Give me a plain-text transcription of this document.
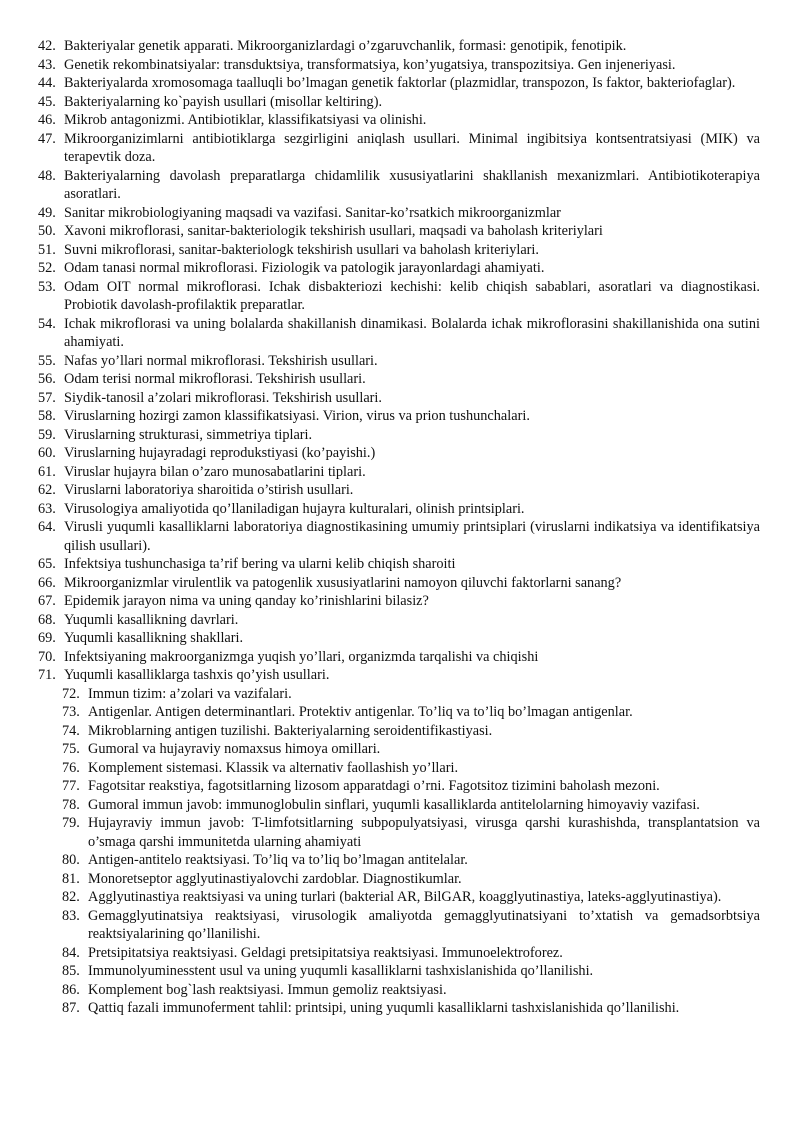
42. Bakteriyalar genetik apparati. Mikroorganizlardagi o’zgaruvchanlik, formasi: genotipik, fenotipik.
43. Genetik rekombinatsiyalar: transduktsiya, transformatsiya, kon’yugatsiya, transpozitsiya. Gen injeneriyasi.
44. Bakteriyalarda xromosomaga taalluqli bo’lmagan genetik faktorlar (plazmidlar, transpozon, Is faktor, bakteriofaglar).
45. Bakteriyalarning ko`payish usullari (misollar keltiring).
46. Mikrob antagonizmi. Antibiotiklar, klassifikatsiyasi va olinishi.
47. Mikroorganizimlarni antibiotiklarga sezgirligini aniqlash usullari. Minimal ingibitsiya kontsentratsiyasi (MIK) va terapevtik doza.
48. Bakteriyalarning davolash preparatlarga chidamlilik xususiyatlarini shakllanish mexanizmlari. Antibiotikoterapiya asoratlari.
49. Sanitar mikrobiologiyaning maqsadi va vazifasi. Sanitar-ko’rsatkich mikroorganizmlar
50. Xavoni mikroflorasi, sanitar-bakteriologik tekshirish usullari, maqsadi va baholash kriteriylari
51. Suvni mikroflorasi, sanitar-bakteriologk tekshirish usullari va baholash kriteriylari.
52. Odam tanasi normal mikroflorasi. Fiziologik va patologik jarayonlardagi ahamiyati.
53. Odam OIT normal mikroflorasi. Ichak disbakteriozi kechishi: kelib chiqish sabablari, asoratlari va diagnostikasi. Probiotik davolash-profilaktik preparatlar.
54. Ichak mikroflorasi va uning bolalarda shakillanish dinamikasi. Bolalarda ichak mikroflorasini shakillanishida ona sutini ahamiyati.
55. Nafas yo’llari normal mikroflorasi. Tekshirish usullari.
56. Odam terisi normal mikroflorasi. Tekshirish usullari.
57. Siydik-tanosil a’zolari mikroflorasi. Tekshirish usullari.
58. Viruslarning hozirgi zamon klassifikatsiyasi. Virion, virus va prion tushunchalari.
59. Viruslarning strukturasi, simmetriya tiplari.
60. Viruslarning hujayradagi reprodukstiyasi (ko’payishi.)
61. Viruslar hujayra bilan o’zaro munosabatlarini tiplari.
62. Viruslarni laboratoriya sharoitida o’stirish usullari.
63. Virusologiya amaliyotida qo’llaniladigan hujayra kulturalari, olinish printsiplari.
64. Virusli yuqumli kasalliklarni laboratoriya diagnostikasining umumiy printsiplari (viruslarni indikatsiya va identifikatsiya qilish usullari).
65. Infektsiya tushunchasiga ta’rif bering va ularni kelib chiqish sharoiti
66. Mikroorganizmlar virulentlik va patogenlik xususiyatlarini namoyon qiluvchi faktorlarni sanang?
67. Epidemik jarayon nima va uning qanday ko’rinishlarini bilasiz?
68. Yuqumli kasallikning davrlari.
69. Yuqumli kasallikning shakllari.
70. Infektsiyaning makroorganizmga yuqish yo’llari, organizmda tarqalishi va chiqishi
71. Yuqumli kasalliklarga tashxis qo’yish usullari.
72. Immun tizim: a’zolari va vazifalari.
73. Antigenlar. Antigen determinantlari. Protektiv antigenlar. To’liq va to’liq bo’lmagan antigenlar.
74. Mikroblarning antigen tuzilishi. Bakteriyalarning seroidentifikastiyasi.
75. Gumoral va hujayraviy nomaxsus himoya omillari.
76. Komplement sistemasi. Klassik va alternativ faollashish yo’llari.
77. Fagotsitar reakstiya, fagotsitlarning lizosom apparatdagi o’rni. Fagotsitoz tizimini baholash mezoni.
78. Gumoral immun javob: immunoglobulin sinflari, yuqumli kasalliklarda antitelolarning himoyaviy vazifasi.
79. Hujayraviy immun javob: T-limfotsitlarning subpopulyatsiyasi, virusga qarshi kurashishda, transplantatsion va o’smaga qarshi immunitetda ularning ahamiyati
80. Antigen-antitelo reaktsiyasi. To’liq va to’liq bo’lmagan antitelalar.
81. Monoretseptor agglyutinastiyalovchi zardoblar. Diagnostikumlar.
82. Agglyutinastiya reaktsiyasi va uning turlari (bakterial AR, BilGAR, koagglyutinastiya, lateks-agglyutinastiya).
83. Gemagglyutinatsiya reaktsiyasi, virusologik amaliyotda gemagglyutinatsiyani to’xtatish va gemadsorbtsiya reaktsiyalarining qo’llanilishi.
84. Pretsipitatsiya reaktsiyasi. Geldagi pretsipitatsiya reaktsiyasi. Immunoelektroforez.
85. Immunolyuminesstent usul va uning yuqumli kasalliklarni tashxislanishida qo’llanilishi.
86. Komplement bog`lash reaktsiyasi. Immun gemoliz reaktsiyasi.
87. Qattiq fazali immunoferment tahlil: printsipi, uning yuqumli kasalliklarni tashxislanishida qo’llanilishi.
